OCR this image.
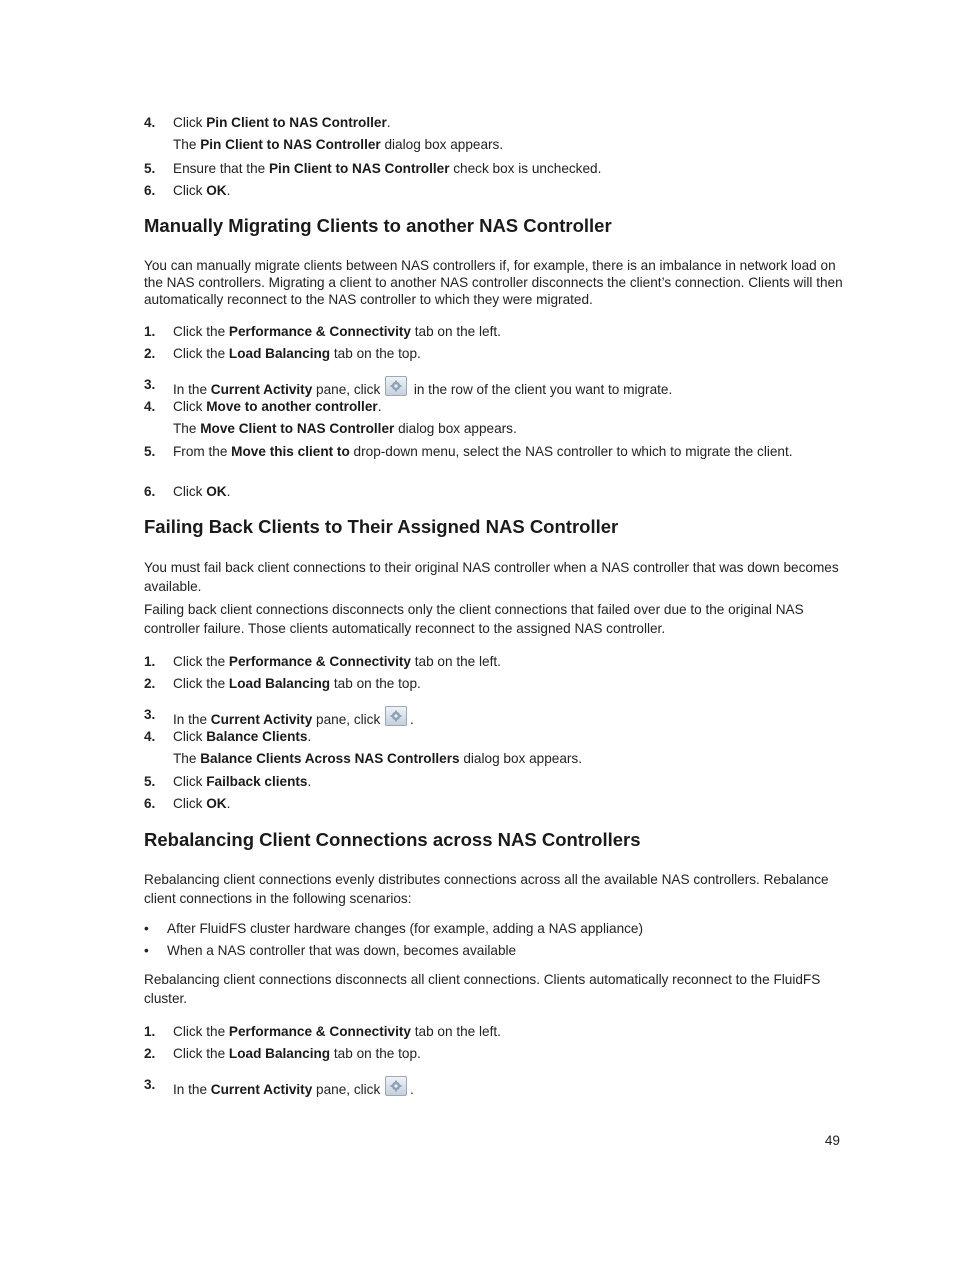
4. Click Pin Client to NAS Controller.
The Pin Client to NAS Controller dialog box appears.
5. Ensure that the Pin Client to NAS Controller check box is unchecked.
6. Click OK.
Manually Migrating Clients to another NAS Controller
You can manually migrate clients between NAS controllers if, for example, there is an imbalance in network load on the NAS controllers. Migrating a client to another NAS controller disconnects the client’s connection. Clients will then automatically reconnect to the NAS controller to which they were migrated.
1. Click the Performance & Connectivity tab on the left.
2. Click the Load Balancing tab on the top.
3. In the Current Activity pane, click
in the row of the client you want to migrate.
4. Click Move to another controller.
The Move Client to NAS Controller dialog box appears.
5. From the Move this client to drop-down menu, select the NAS controller to which to migrate the client.
6. Click OK.
Failing Back Clients to Their Assigned NAS Controller
You must fail back client connections to their original NAS controller when a NAS controller that was down becomes available.
Failing back client connections disconnects only the client connections that failed over due to the original NAS controller failure. Those clients automatically reconnect to the assigned NAS controller.
1. Click the Performance & Connectivity tab on the left.
2. Click the Load Balancing tab on the top.
3. In the Current Activity pane, click
.
4. Click Balance Clients.
The Balance Clients Across NAS Controllers dialog box appears.
5. Click Failback clients.
6. Click OK.
Rebalancing Client Connections across NAS Controllers
Rebalancing client connections evenly distributes connections across all the available NAS controllers. Rebalance client connections in the following scenarios:
• After FluidFS cluster hardware changes (for example, adding a NAS appliance)
• When a NAS controller that was down, becomes available
Rebalancing client connections disconnects all client connections. Clients automatically reconnect to the FluidFS cluster.
1. Click the Performance & Connectivity tab on the left.
2. Click the Load Balancing tab on the top.
3. In the Current Activity pane, click
.
49
